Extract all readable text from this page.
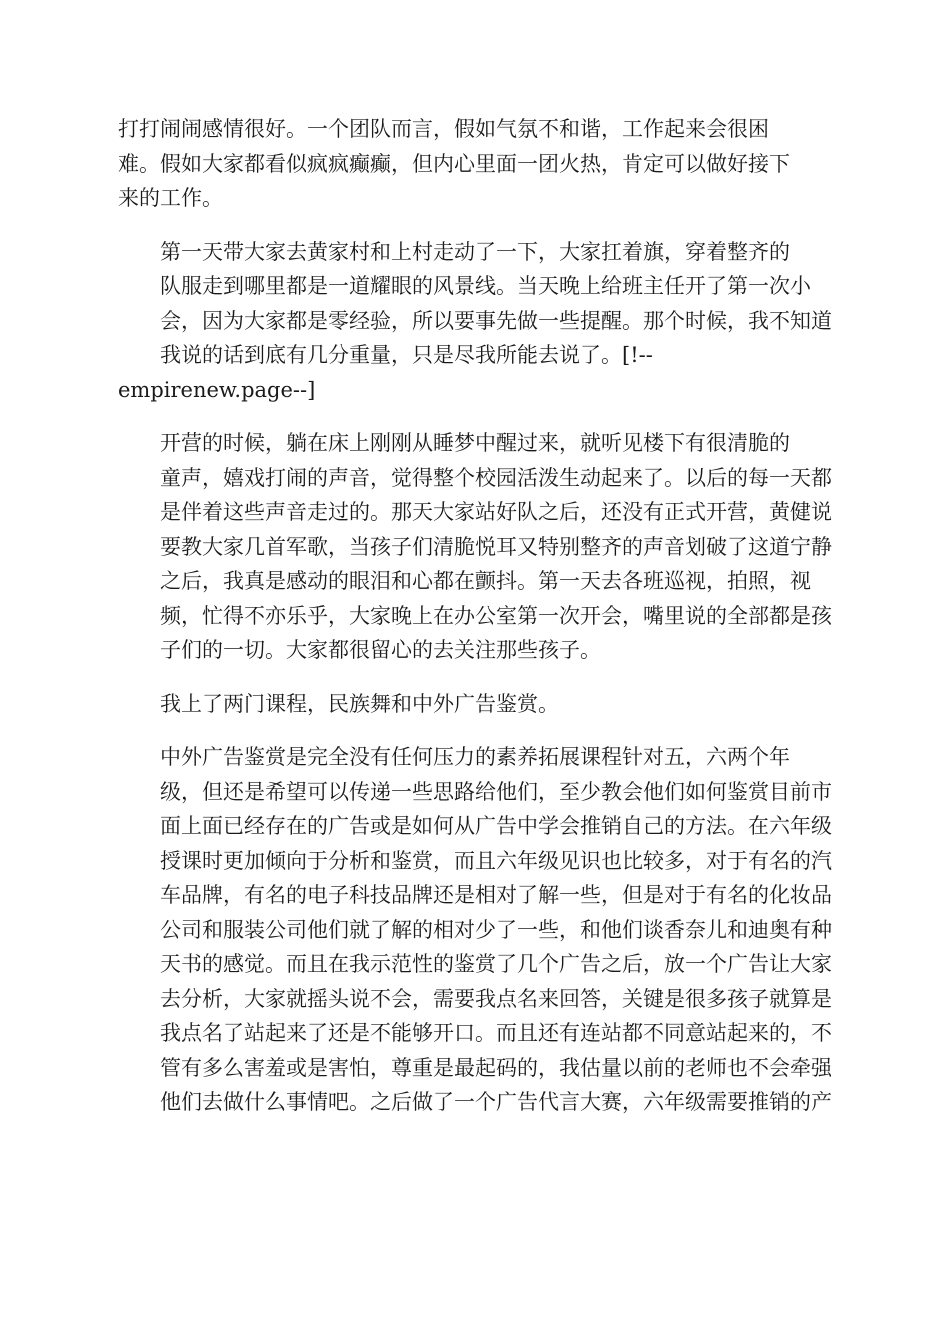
打打闹闹感情很好。一个团队而言，假如气氛不和谐，工作起来会很困
难。假如大家都看似疯疯癫癫，但内心里面一团火热，肯定可以做好接下
来的工作。

第一天带大家去黄家村和上村走动了一下，大家扛着旗，穿着整齐的
队服走到哪里都是一道耀眼的风景线。当天晚上给班主任开了第一次小
会，因为大家都是零经验，所以要事先做一些提醒。那个时候，我不知道
我说的话到底有几分重量，只是尽我所能去说了。[!--
empirenew.page--]

开营的时候，躺在床上刚刚从睡梦中醒过来，就听见楼下有很清脆的
童声，嬉戏打闹的声音，觉得整个校园活泼生动起来了。以后的每一天都
是伴着这些声音走过的。那天大家站好队之后，还没有正式开营，黄健说
要教大家几首军歌，当孩子们清脆悦耳又特别整齐的声音划破了这道宁静
之后，我真是感动的眼泪和心都在颤抖。第一天去各班巡视，拍照，视
频，忙得不亦乐乎，大家晚上在办公室第一次开会，嘴里说的全部都是孩
子们的一切。大家都很留心的去关注那些孩子。

我上了两门课程，民族舞和中外广告鉴赏。

中外广告鉴赏是完全没有任何压力的素养拓展课程针对五，六两个年
级，但还是希望可以传递一些思路给他们，至少教会他们如何鉴赏目前市
面上面已经存在的广告或是如何从广告中学会推销自己的方法。在六年级
授课时更加倾向于分析和鉴赏，而且六年级见识也比较多，对于有名的汽
车品牌，有名的电子科技品牌还是相对了解一些，但是对于有名的化妆品
公司和服装公司他们就了解的相对少了一些，和他们谈香奈儿和迪奥有种
天书的感觉。而且在我示范性的鉴赏了几个广告之后，放一个广告让大家
去分析，大家就摇头说不会，需要我点名来回答，关键是很多孩子就算是
我点名了站起来了还是不能够开口。而且还有连站都不同意站起来的，不
管有多么害羞或是害怕，尊重是最起码的，我估量以前的老师也不会牵强
他们去做什么事情吧。之后做了一个广告代言大赛，六年级需要推销的产
